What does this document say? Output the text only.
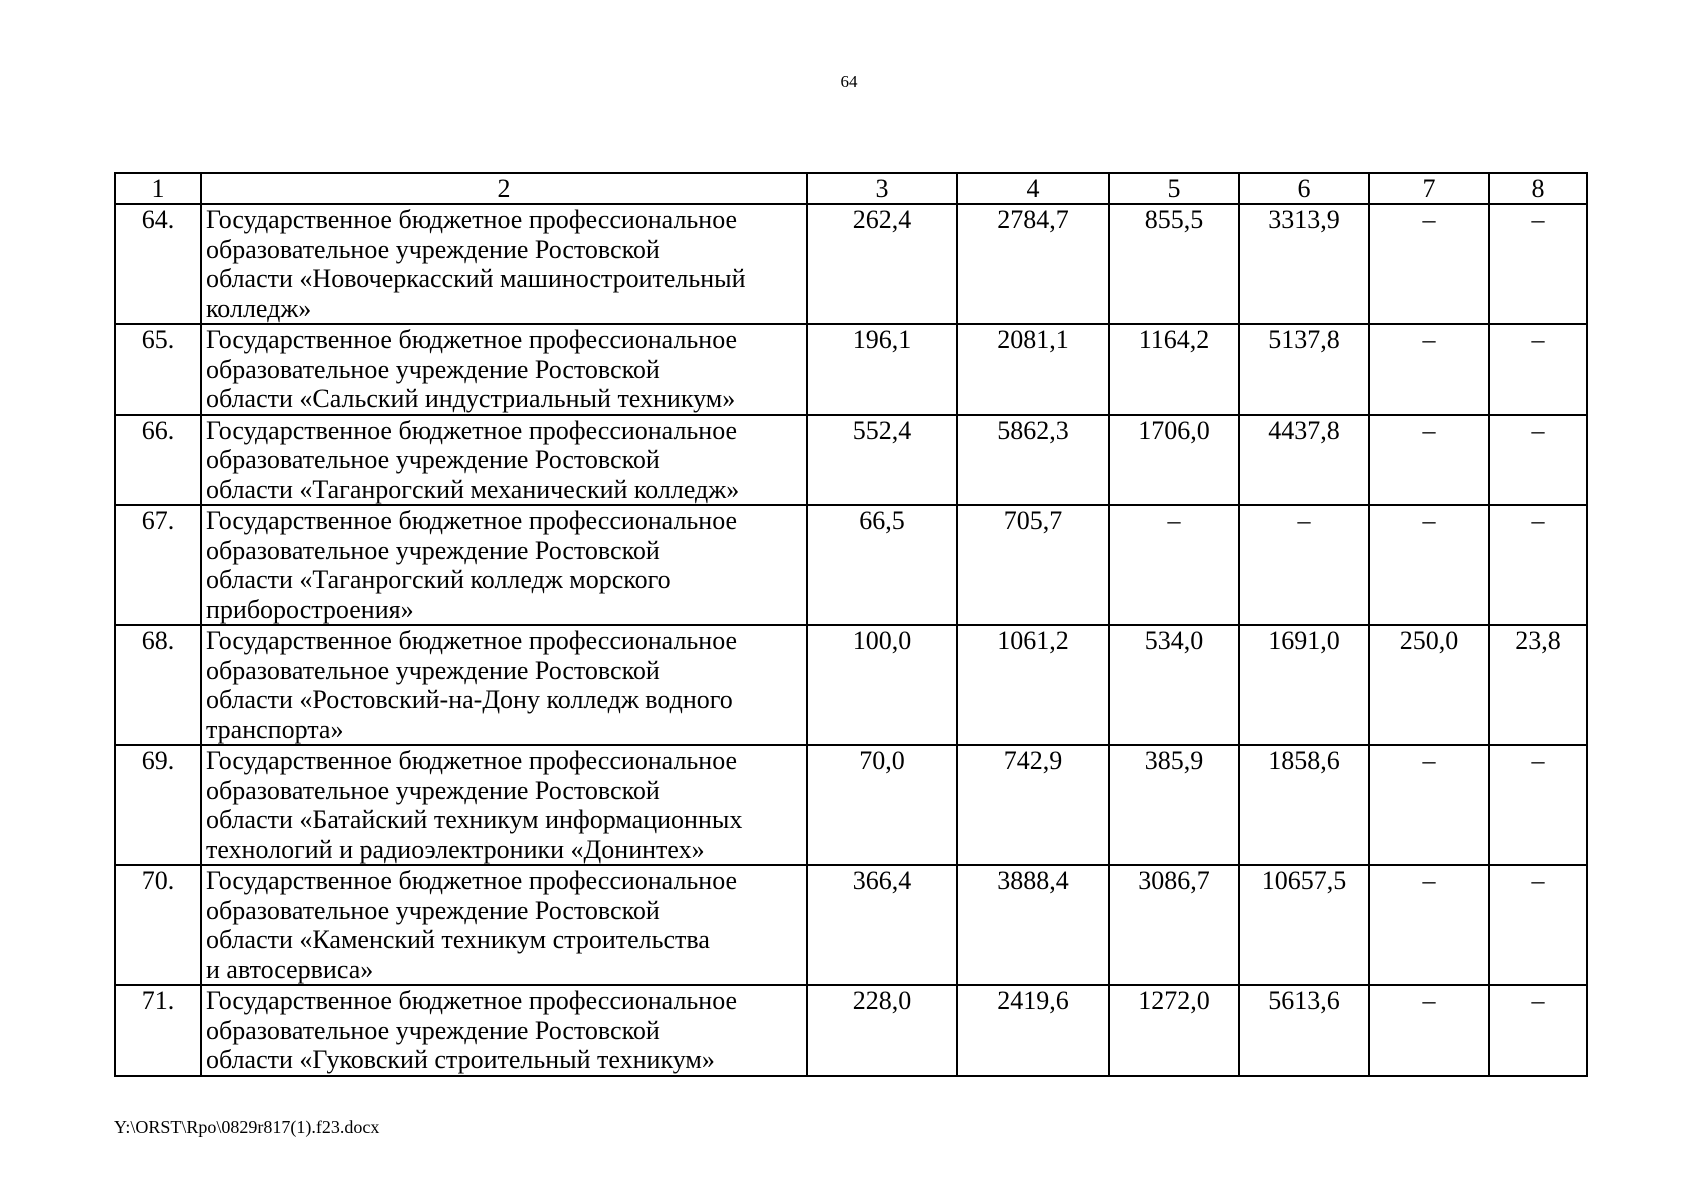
64
1	2	3	4	5	6	7	8
64.	Государственное бюджетное профессиональное
образовательное учреждение Ростовской
области «Новочеркасский машиностроительный
колледж»	262,4	2784,7	855,5	3313,9	–	–
65.	Государственное бюджетное профессиональное
образовательное учреждение Ростовской
области «Сальский индустриальный техникум»	196,1	2081,1	1164,2	5137,8	–	–
66.	Государственное бюджетное профессиональное
образовательное учреждение Ростовской
области «Таганрогский механический колледж»	552,4	5862,3	1706,0	4437,8	–	–
67.	Государственное бюджетное профессиональное
образовательное учреждение Ростовской
области «Таганрогский колледж морского
приборостроения»	66,5	705,7	–	–	–	–
68.	Государственное бюджетное профессиональное
образовательное учреждение Ростовской
области «Ростовский-на-Дону колледж водного
транспорта»	100,0	1061,2	534,0	1691,0	250,0	23,8
69.	Государственное бюджетное профессиональное
образовательное учреждение Ростовской
области «Батайский техникум информационных
технологий и радиоэлектроники «Донинтех»	70,0	742,9	385,9	1858,6	–	–
70.	Государственное бюджетное профессиональное
образовательное учреждение Ростовской
области «Каменский техникум строительства
и автосервиса»	366,4	3888,4	3086,7	10657,5	–	–
71.	Государственное бюджетное профессиональное
образовательное учреждение Ростовской
области «Гуковский строительный техникум»	228,0	2419,6	1272,0	5613,6	–	–
Y:\ORST\Rpo\0829r817(1).f23.docx
